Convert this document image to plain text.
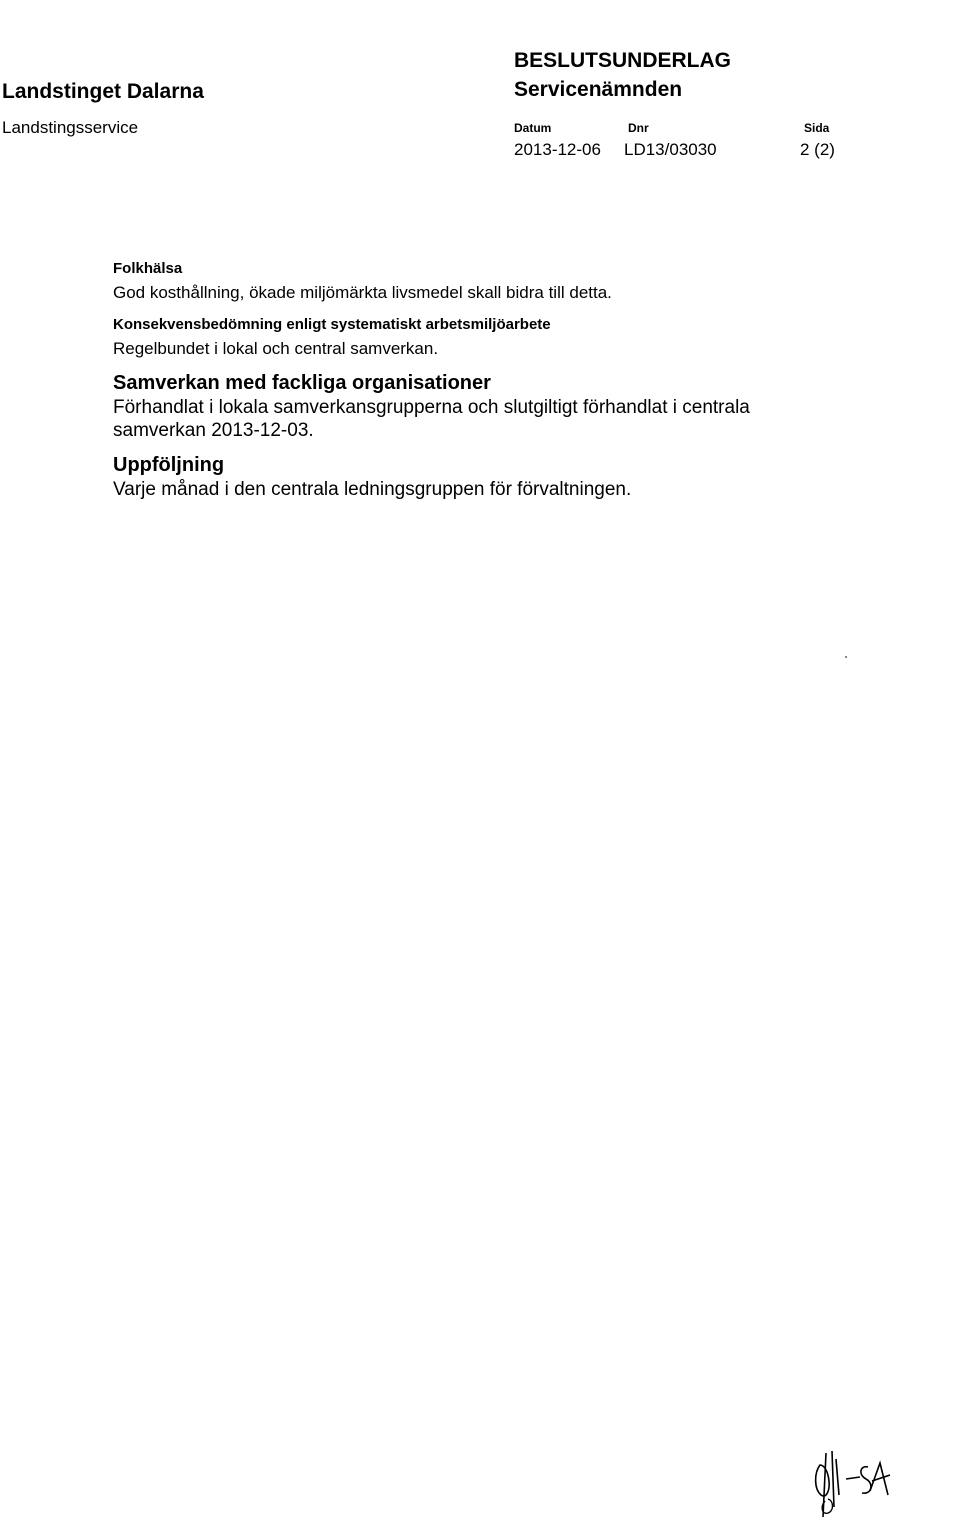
Landstinget Dalarna
Landstingsservice
BESLUTSUNDERLAG
Servicenämnden
Datum	Dnr	Sida
2013-12-06 LD13/03030	2 (2)

Folkhälsa

God kosthållning, ökade miljömärkta livsmedel skall bidra till detta.

Konsekvensbedömning enligt systematiskt arbetsmiljöarbete

Regelbundet i lokal och central samverkan.

Samverkan med fackliga organisationer

Förhandlat i lokala samverkansgrupperna och slutgiltigt förhandlat i centrala

samverkan 2013-12-03.

Uppföljning

Varje månad i den centrala ledningsgruppen för förvaltningen.
